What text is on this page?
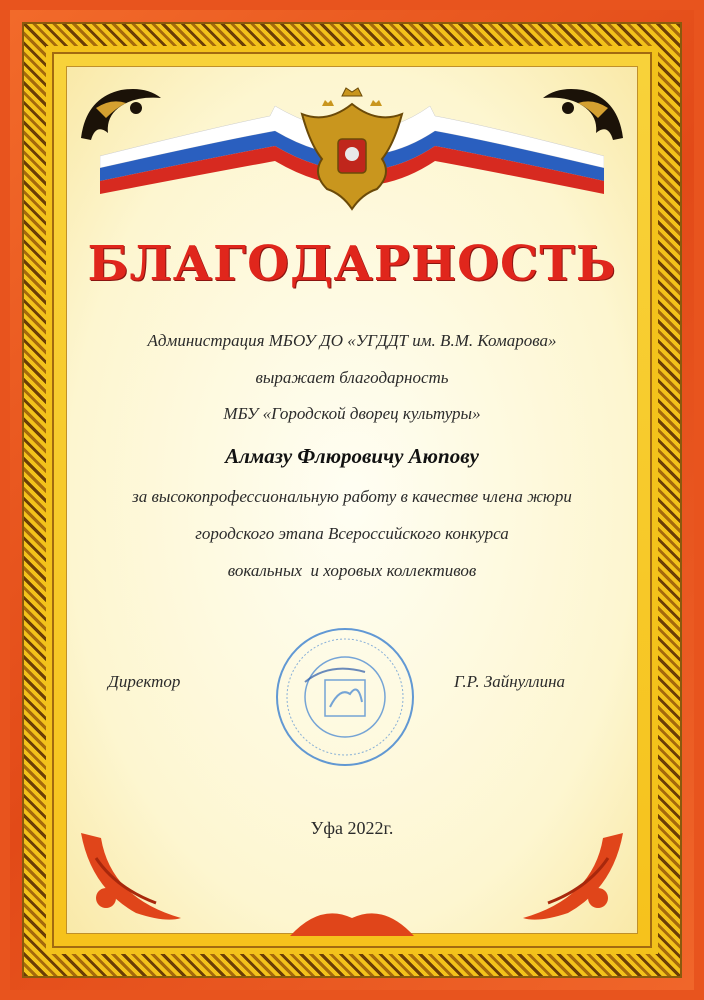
БЛАГОДАРНОСТЬ
Администрация МБОУ ДО «УГДДТ им. В.М. Комарова»
выражает благодарность
МБУ «Городской дворец культуры»
Алмазу Флюровичу Аюпову
за высокопрофессиональную работу в качестве члена жюри
городского этапа Всероссийского конкурса
вокальных  и хоровых коллективов
Директор	Г.Р. Зайнуллина
Уфа 2022г.
